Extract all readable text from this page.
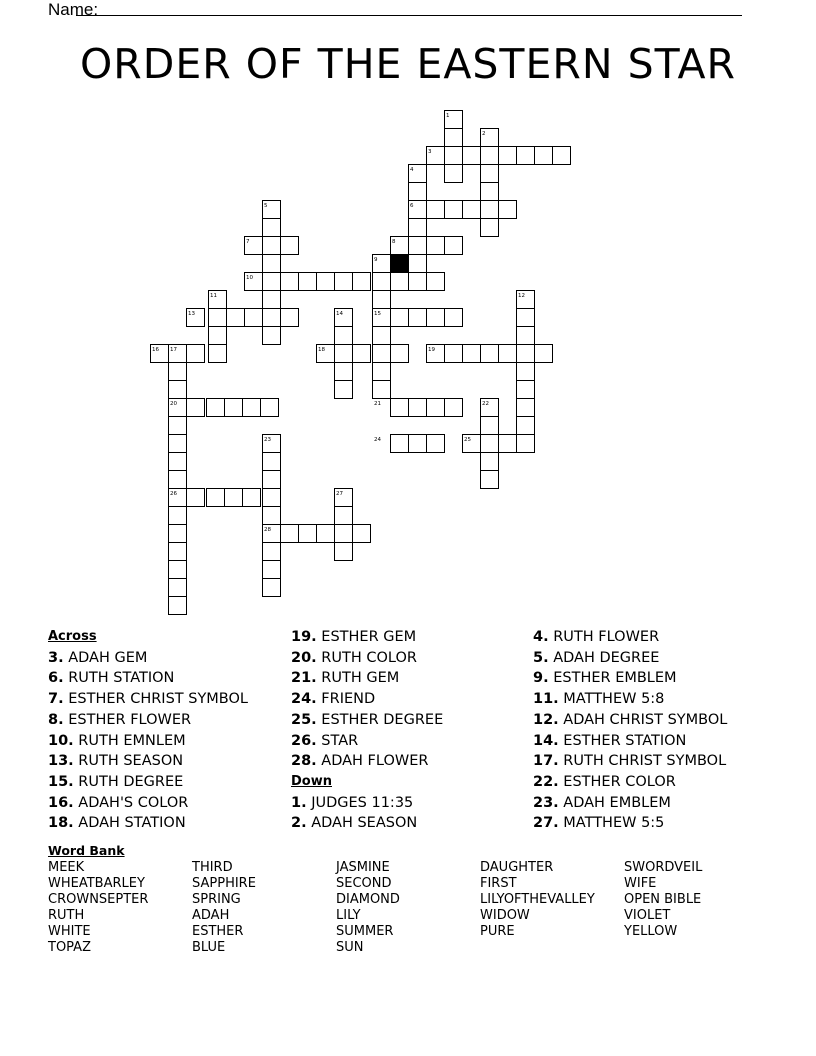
Name:
ORDER OF THE EASTERN STAR
1
2
3
4
5	6
7	8
9
10
11	12
13	14	15
16 17	18	19
20	21	22
23	24	25
26	27
28
Across
3. ADAH GEM
6. RUTH STATION
7. ESTHER CHRIST SYMBOL
8. ESTHER FLOWER
10. RUTH EMNLEM
13. RUTH SEASON
15. RUTH DEGREE
16. ADAH'S COLOR
18. ADAH STATION
19. ESTHER GEM
20. RUTH COLOR
21. RUTH GEM
24. FRIEND
25. ESTHER DEGREE
26. STAR
28. ADAH FLOWER
Down
1. JUDGES 11:35
2. ADAH SEASON
4. RUTH FLOWER
5. ADAH DEGREE
9. ESTHER EMBLEM
11. MATTHEW 5:8
12. ADAH CHRIST SYMBOL
14. ESTHER STATION
17. RUTH CHRIST SYMBOL
22. ESTHER COLOR
23. ADAH EMBLEM
27. MATTHEW 5:5
Word Bank
MEEK
WHEATBARLEY
CROWNSEPTER
RUTH
WHITE
TOPAZ
THIRD
SAPPHIRE
SPRING
ADAH
ESTHER
BLUE
JASMINE
SECOND
DIAMOND
LILY
SUMMER
SUN
DAUGHTER
FIRST
LILYOFTHEVALLEY
WIDOW
PURE
SWORDVEIL
WIFE
OPEN BIBLE
VIOLET
YELLOW
